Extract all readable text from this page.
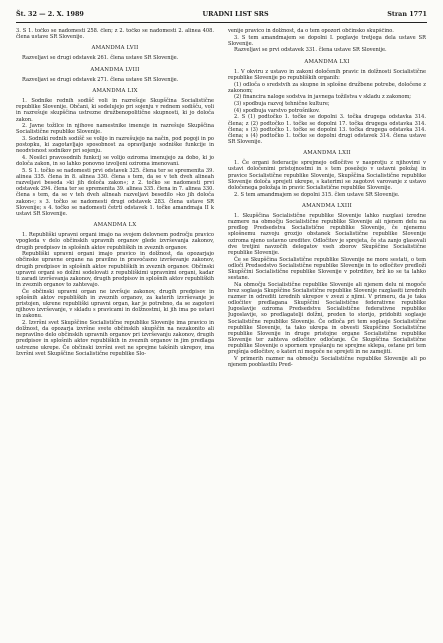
Št. 32 — 2. X. 1989	URADNI LIST SRS	Stran 1771

3. S 1. točko se nadomesti 258. člen; z 2. točko se nadomesti 2. alinea 408. člena ustave SR Slovenije.

AMANDMA LVII

Razveljavi se drugi odstavek 261. člena ustave SR Slovenije.

AMANDMA LVIII

Razveljavi se drugi odstavek 271. člena ustave SR Slovenije.

AMANDMA LIX

1. Sodnike rednih sodišč voli in razrešuje Skupščina Socialistične republike Slovenije. Občani, ki sodelujejo pri sojenju v rednem sodišču, voli in razrešuje skupščina ustrezne družbenopolitične skupnosti, ki jo določa zakon.

2. Javne tožilce in njihove namestnike imenuje in razrešuje Skupščina Socialistične republike Slovenije.

3. Sodniki rednih sodišč se volijo in razrešujejo na način, pod pogoji in po postopku, ki zagotavljajo sposobnost za opravljanje sodniške funkcije in neodvisnost sodnikov pri sojenju.

4. Nosilci pravosodnih funkcij se volijo oziroma imenujejo za dobo, ki jo določa zakon, in so lahko ponovno izvoljeni oziroma imenovani.

5. S 1. točko se nadomesti prvi odstavek 325. člena ter se spremenita 39. alinea 335. člena in 8. alinea 330. člena s tem, da se v teh dveh alineah razveljavi beseda »ki jih določa zakon«; z 2. točko se nadomesti prvi odstavek 294. člena ter se spremenita 39. alinea 335. člena in 7. alinea 330. člena s tem, da se v teh dveh alineah razveljavi besedilo »ko jih določa zakon«; s 3. točko se nadomesti drugi odstavek 283. člena ustave SR Slovenije; s 4. točko se nadomesti četrti odstavek 1. točke amandmaja II k ustavi SR Slovenije.

AMANDMA LX

1. Republiški upravni organi imajo na svojem delovnem področju pravico vpogleda v delo občinskih upravnih organov glede izvrševanja zakonov, drugih predpisov in splošnih aktov republiških in zveznih organov.

Republiški upravni organi imajo pravico in dolžnost, da opozarjajo občinske upravne organe na pravilno in pravočasno izvrševanje zakonov, drugih predpisov in splošnih aktov republiških in zveznih organov. Občinski upravni organi so dolžni sodelovati z republiškimi upravnimi organi, kadar ti zaradi izvrševanja zakonov, drugih predpisov in splošnih aktov republiških in zveznih organov to zahtevajo.

Če občinski upravni organ ne izvršuje zakonov, drugih predpisov in splošnih aktov republiških in zveznih organov, za katerih izvrševanje je pristojen, ukrene republiški upravni organ, kar je potrebno, da se zagotovi njihovo izvrševanje, v skladu s pravicami in dolžnostmi, ki jih ima po ustavi in zakonu.

2. Izvršni svet Skupščine Socialistične republike Slovenije ima pravico in dolžnost, da opozarja izvršne svete občinskih skupščin na nezakonito ali nepravilno delo občinskih upravnih organov pri izvrševanju zakonov, drugih predpisov in splošnih aktov republiških in zveznih organov in jim predlaga ustrezne ukrepe. Če občinski izvršni svet ne sprejme takšnih ukrepov, ima Izvršni svet Skupščine Socialistične republike Slo-

venije pravico in dolžnost, da o tem opozori občinsko skupščino.

3. S tem amandmajem se dopolni I. poglavje tretjega dela ustave SR Slovenije.

Razveljavi se prvi odstavek 331. člena ustave SR Slovenije.

AMANDMA LXI

1. V okviru z ustavo in zakoni določenih pravic in dolžnosti Socialistične republike Slovenije po republiških organih:

(1) odloča o sredstvih za skupne in splošne družbene potrebe, določene z zakonom;

(2) financira naloge sodstva in javnega tožilstva v skladu z zakonom;

(3) spodbuja razvoj tehnične kulture;

(4) spodbuja varstvo potrošnikov.

2. S (1) podtočko 1. točke se dopolni 3. točka drugega odstavka 314. člena; z (2) podtočko 1. točke se dopolni 17. točka drugega odstavka 314. člena; s (3) podtočko 1. točke se dopolni 13. točka drugega odstavka 314. člena; s (4) podtočko 1. točke se dopolni drugi odstavek 314. člena ustave SR Slovenije.

AMANDMA LXII

1. Če organi federacije sprejmejo odločitve v nasprotju z njihovimi v ustavi določenimi pristojnostmi in s tem posežejo v ustavni položaj in pravice Socialistične republike Slovenije, Skupščina Socialistične republike Slovenije določa sprejeti ukrepe, s katerimi se zagotovi varovanje z ustavo določenega položaja in pravic Socialistične republike Slovenije.

2. S tem amandmajem se dopolni 315. člen ustave SR Slovenije.

AMANDMA LXIII

1. Skupščina Socialistične republike Slovenije lahko razglasi izredne razmere na območju Socialistične republike Slovenije ali njenem delu na predlog Predsedstva Socialistične republike Slovenije, če njenemu splošnemu razvoju grozijo obstanek Socialistične republike Slovenije oziroma njeno ustavno ureditev. Odločitev je sprejeta, če sta zanjo glasovali dve tretjini navzočih delegatov vseh zborov Skupščine Socialistične republike Slovenije.

Če se Skupščina Socialistične republike Slovenije ne more sestati, o tem odloči Predsedstvo Socialistične republike Slovenije in to odločitev predloži Skupščini Socialistične republike Slovenije v potrditev, brž ko se ta lahko sestane.

Na območju Socialistične republike Slovenije ali njenem delu ni mogoče brez soglasja Skupščine Socialistične republike Slovenije razglasiti izrednih razmer in odrediti izrednih ukrepov v zvezi z njimi. V primeru, da je taka odločitev predlagana Skupščini Socialistične federativne republike Jugoslavije oziroma Predsedstvu Socialistične federativne republike Jugoslavije, so predlagatelji dolžni, preden to storijo, pridobiti soglasje Socialistične republike Slovenije. Če odloča pri tem soglasje Socialistične republike Slovenije, ta tako ukrepa in obvesti Skupščino Socialistične republike Slovenije in druge pristojne organe Socialistične republike Slovenije ter zahteva odločitev odločanje. Če Skupščina Socialistične republike Slovenije o spornem vprašanju ne sprejme sklepa, ostane pri tem prejšnja odločitev, o kateri ni mogoče ne sprejeti in ne zamejiti.

V primerih razmer na območju Socialistične republike Slovenije ali po njenem pooblastilu Pred-
